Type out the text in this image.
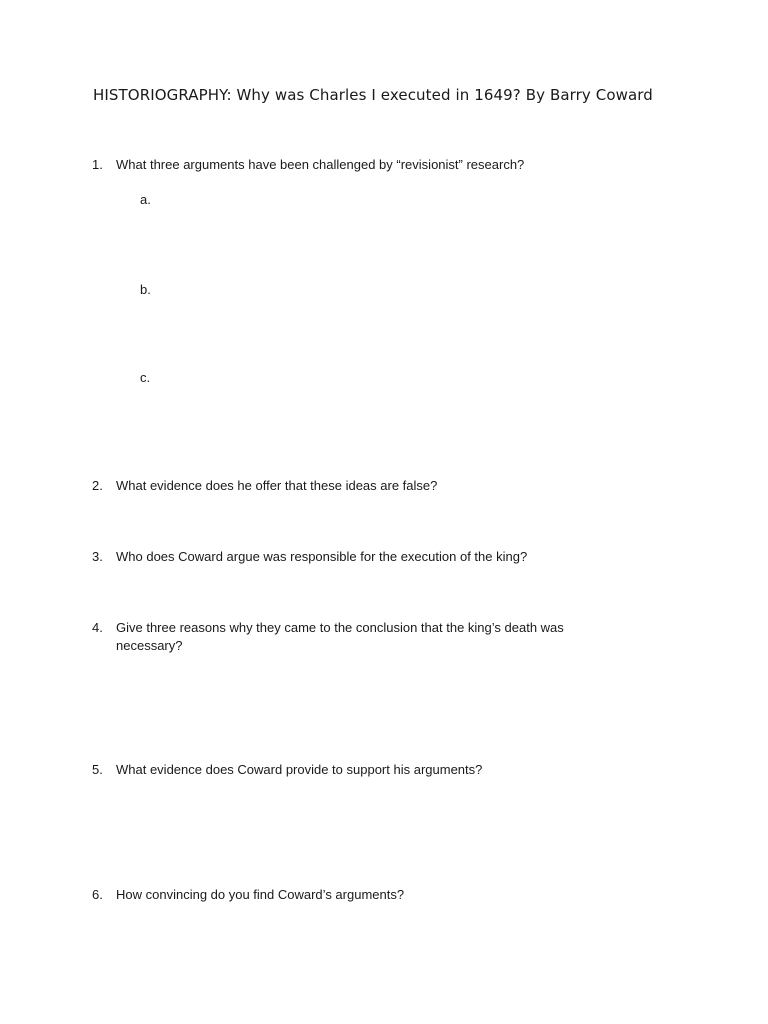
HISTORIOGRAPHY: Why was Charles I executed in 1649? By Barry Coward
1.	What three arguments have been challenged by “revisionist” research?
a.
b.
c.
2.	What evidence does he offer that these ideas are false?
3.	Who does Coward argue was responsible for the execution of the king?
4.	Give three reasons why they came to the conclusion that the king’s death was necessary?
5.	What evidence does Coward provide to support his arguments?
6.	How convincing do you find Coward’s arguments?
